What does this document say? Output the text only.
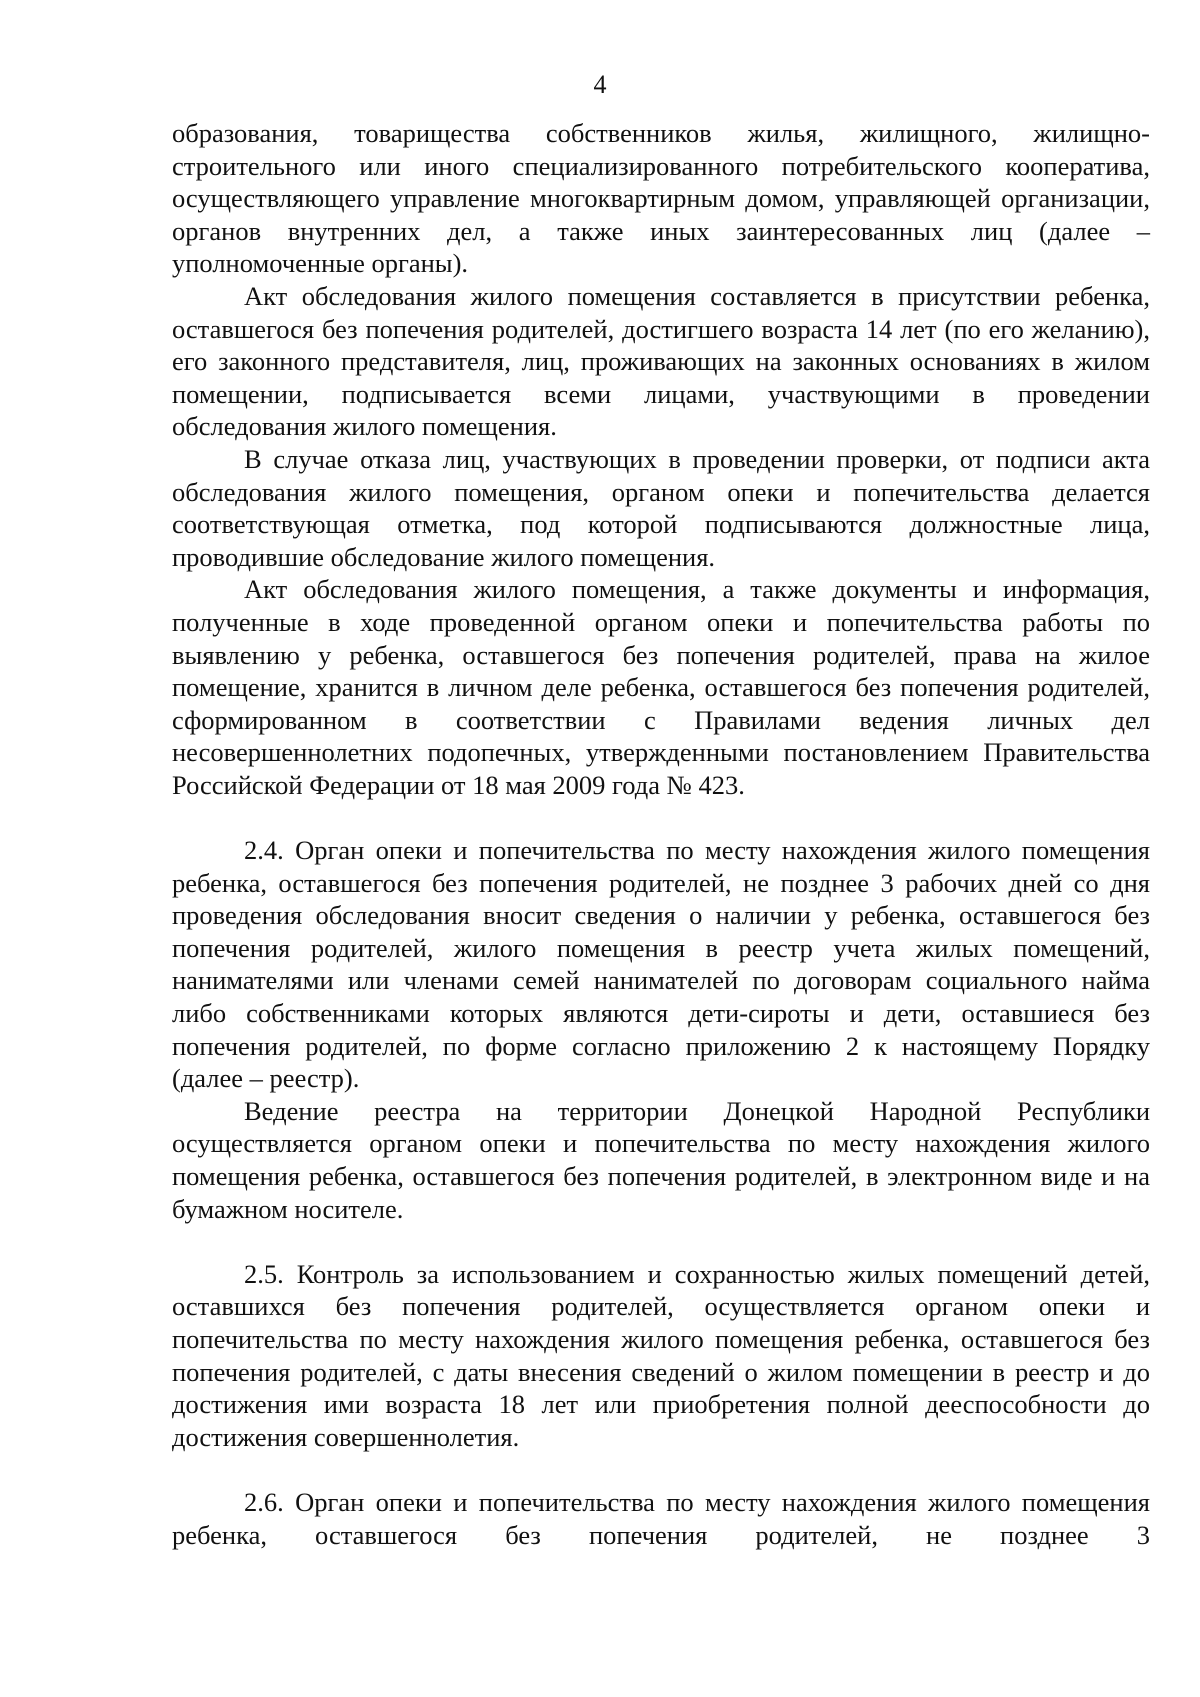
4

образования, товарищества собственников жилья, жилищного, жилищно-строительного или иного специализированного потребительского кооператива, осуществляющего управление многоквартирным домом, управляющей организации, органов внутренних дел, а также иных заинтересованных лиц (далее – уполномоченные органы).

Акт обследования жилого помещения составляется в присутствии ребенка, оставшегося без попечения родителей, достигшего возраста 14 лет (по его желанию), его законного представителя, лиц, проживающих на законных основаниях в жилом помещении, подписывается всеми лицами, участвующими в проведении обследования жилого помещения.

В случае отказа лиц, участвующих в проведении проверки, от подписи акта обследования жилого помещения, органом опеки и попечительства делается соответствующая отметка, под которой подписываются должностные лица, проводившие обследование жилого помещения.

Акт обследования жилого помещения, а также документы и информация, полученные в ходе проведенной органом опеки и попечительства работы по выявлению у ребенка, оставшегося без попечения родителей, права на жилое помещение, хранится в личном деле ребенка, оставшегося без попечения родителей, сформированном в соответствии с Правилами ведения личных дел несовершеннолетних подопечных, утвержденными постановлением Правительства Российской Федерации от 18 мая 2009 года № 423.

2.4. Орган опеки и попечительства по месту нахождения жилого помещения ребенка, оставшегося без попечения родителей, не позднее 3 рабочих дней со дня проведения обследования вносит сведения о наличии у ребенка, оставшегося без попечения родителей, жилого помещения в реестр учета жилых помещений, нанимателями или членами семей нанимателей по договорам социального найма либо собственниками которых являются дети-сироты и дети, оставшиеся без попечения родителей, по форме согласно приложению 2 к настоящему Порядку (далее – реестр).

Ведение реестра на территории Донецкой Народной Республики осуществляется органом опеки и попечительства по месту нахождения жилого помещения ребенка, оставшегося без попечения родителей, в электронном виде и на бумажном носителе.

2.5. Контроль за использованием и сохранностью жилых помещений детей, оставшихся без попечения родителей, осуществляется органом опеки и попечительства по месту нахождения жилого помещения ребенка, оставшегося без попечения родителей, с даты внесения сведений о жилом помещении в реестр и до достижения ими возраста 18 лет или приобретения полной дееспособности до достижения совершеннолетия.

2.6. Орган опеки и попечительства по месту нахождения жилого помещения ребенка, оставшегося без попечения родителей, не позднее 3
